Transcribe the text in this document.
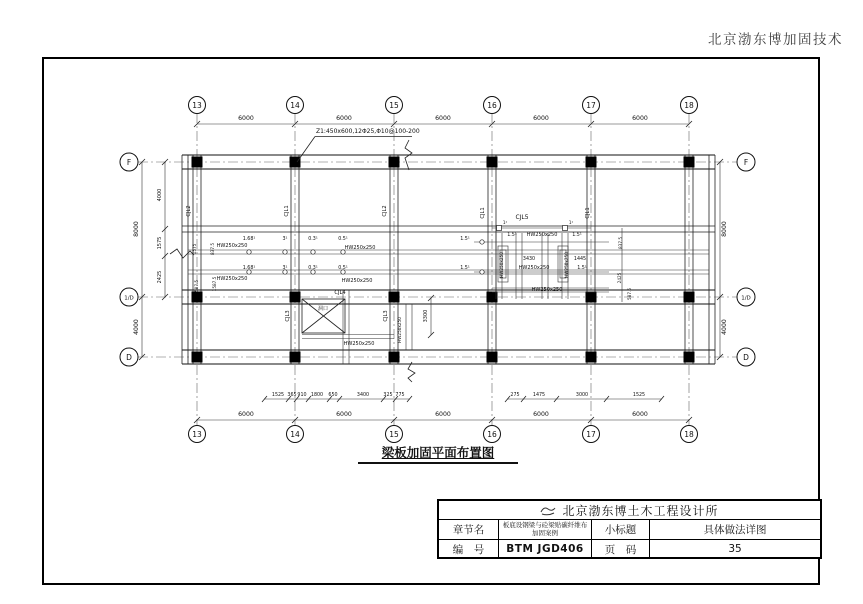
北京渤东博加固技术
洞口
Z1:450x600,12Φ25,Φ10@100-200
13	14	15	16	17	18
13	14	15	16	17	18
F
1/D
D
F
1/D
D
6000	6000	6000	6000	6000
6000	6000	6000	6000	6000
8000
4000
4000
1575
2425
8000
4000
1525 365 910 1800 650	3400	325 775	275	1475	3000	1525
3430	1445
3300
1575	837.5
587.5	1587.5
837.5
2425
587.5
HW250x250	HW250x250
HW250x250	HW250x250
HW250x250
HW250x250
HW250x250
HW250x250
HW250x250
HW250x250	HW250x250
CJL2	CJL1	CJL2	CJL1	CJL1
CJL3	CJL3
CJL4
CJL5
1.68¹	3¹	0.3¹	0.5¹
1.68¹	3¹	0.3¹	0.5¹
1.5¹
1.5¹
1.5¹	1.5¹
1.5¹
1¹	1¹
梁板加固平面布置图
北京渤东博土木工程设计所
章节名	板底设钢梁与砼梁贴碳纤维布加固案例	小标题	具体做法详图
编　号	BTM JGD406	页　码	35
